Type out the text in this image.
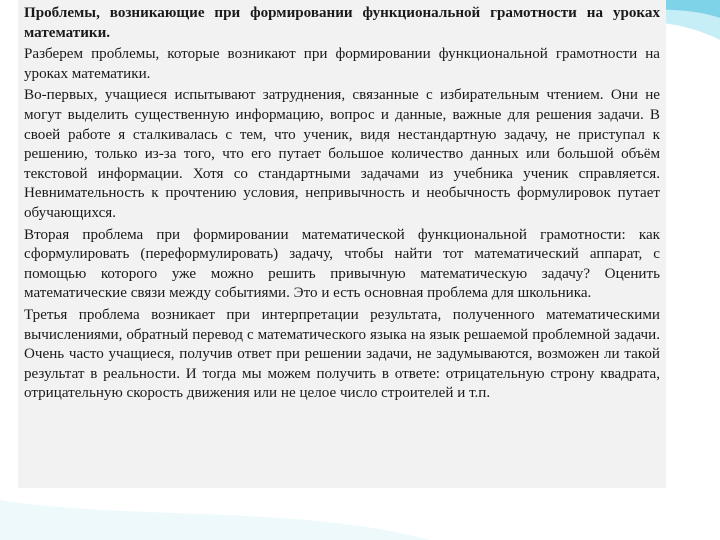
Проблемы, возникающие при формировании функциональной грамотности на уроках математики.

Разберем проблемы, которые возникают при формировании функциональной грамотности на уроках математики.

Во-первых, учащиеся испытывают затруднения, связанные с избирательным чтением. Они не могут выделить существенную информацию, вопрос и данные, важные для решения задачи. В своей работе я сталкивалась с тем, что ученик, видя нестандартную задачу, не приступал к решению, только из-за того, что его путает большое количество данных или большой объём текстовой информации. Хотя со стандартными задачами из учебника ученик справляется. Невнимательность к прочтению условия, непривычность и необычность формулировок путает обучающихся.

Вторая проблема при формировании математической функциональной грамотности: как сформулировать (переформулировать) задачу, чтобы найти тот математический аппарат, с помощью которого уже можно решить привычную математическую задачу? Оценить математические связи между событиями. Это и есть основная проблема для школьника.

Третья проблема возникает при интерпретации результата, полученного математическими вычислениями, обратный перевод с математического языка на язык решаемой проблемной задачи. Очень часто учащиеся, получив ответ при решении задачи, не задумываются, возможен ли такой результат в реальности. И тогда мы можем получить в ответе: отрицательную строну квадрата, отрицательную скорость движения или не целое число строителей и т.п.
